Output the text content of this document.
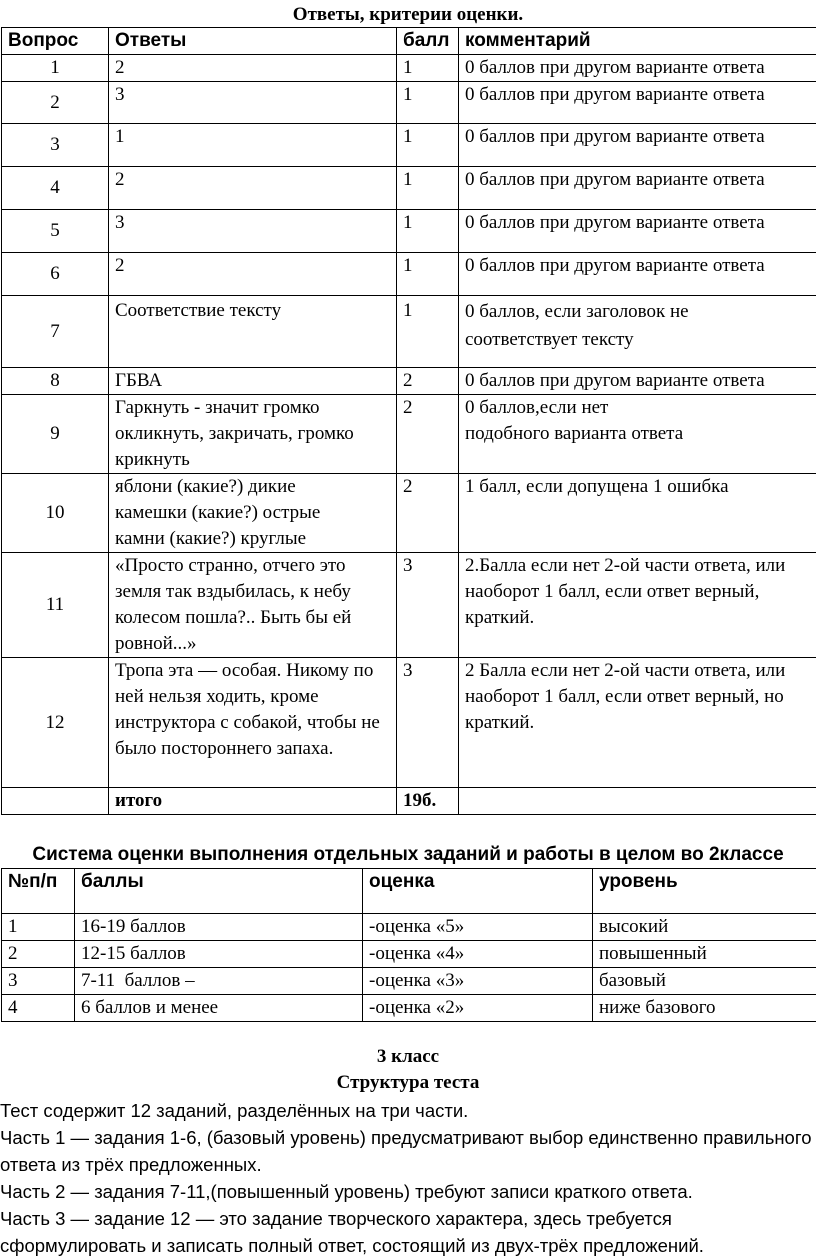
Ответы, критерии оценки.
Вопрос	Ответы	балл	комментарий
1	2	1	0 баллов при другом варианте ответа
2	3	1	0 баллов при другом варианте ответа
3	1	1	0 баллов при другом варианте ответа
4	2	1	0 баллов при другом варианте ответа
5	3	1	0 баллов при другом варианте ответа
6	2	1	0 баллов при другом варианте ответа
7	Соответствие тексту	1	0 баллов, если заголовок не соответствует тексту
8	ГБВА	2	0 баллов при другом варианте ответа
9	Гаркнуть - значит громко окликнуть, закричать, громко крикнуть	2	0 баллов,если нет подобного варианта ответа
10	яблони (какие?) дикие камешки (какие?) острые камни (какие?) круглые	2	1 балл, если допущена 1 ошибка
11	«Просто странно, отчего это земля так вздыбилась, к небу колесом пошла?.. Быть бы ей ровной...»	3	2.Балла если нет 2-ой части ответа, или наоборот 1 балл, если ответ верный, краткий.
12	Тропа эта — особая. Никому по ней нельзя ходить, кроме инструктора с собакой, чтобы не было постороннего запаха.	3	2 Балла если нет 2-ой части ответа, или наоборот 1 балл, если ответ верный, но краткий.
	итого	19б.	
Система оценки выполнения отдельных заданий и работы в целом во 2классе
№п/п	баллы	оценка	уровень
1	16-19 баллов	-оценка «5»	высокий
2	12-15 баллов	-оценка «4»	повышенный
3	7-11  баллов –	-оценка «3»	базовый
4	6 баллов и менее	-оценка «2»	ниже базового
3 класс
Структура теста
Тест содержит 12 заданий, разделённых на три части.
Часть 1 — задания 1-6, (базовый уровень) предусматривают выбор единственно правильного ответа из трёх предложенных.
Часть 2 — задания 7-11,(повышенный уровень) требуют записи краткого ответа.
Часть 3 — задание 12 — это задание творческого характера, здесь требуется сформулировать и записать полный ответ, состоящий из двух-трёх предложений.
